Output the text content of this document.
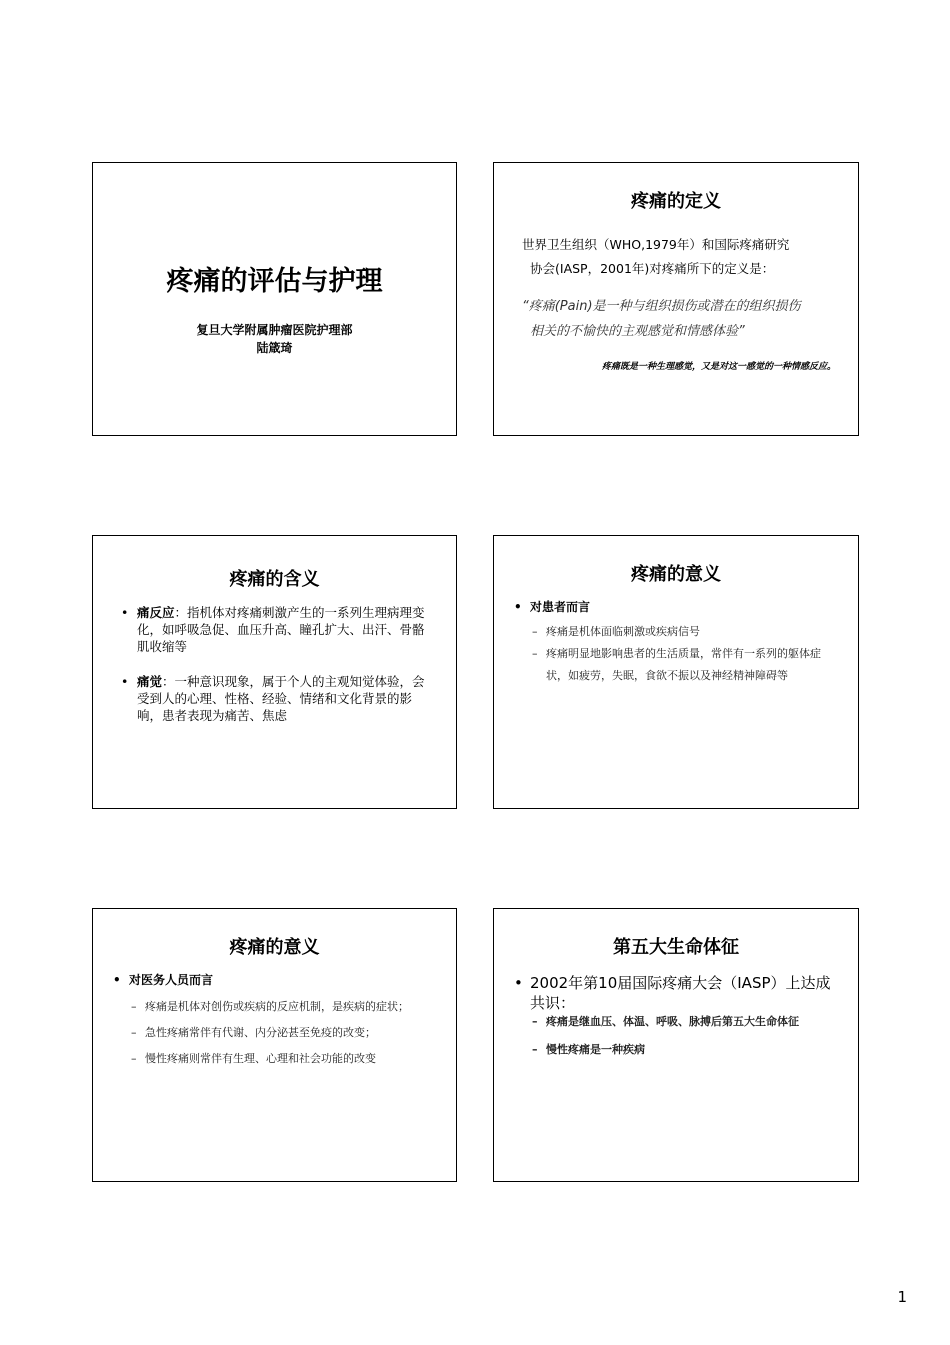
疼痛的评估与护理
复旦大学附属肿瘤医院护理部
陆箴琦
疼痛的定义
世界卫生组织（WHO,1979年）和国际疼痛研究
协会(IASP，2001年)对疼痛所下的定义是：
“疼痛(Pain)是一种与组织损伤或潜在的组织损伤
相关的不愉快的主观感觉和情感体验”
疼痛既是一种生理感觉，又是对这一感觉的一种情感反应。
疼痛的含义
• 痛反应：指机体对疼痛刺激产生的一系列生理病理变化，如呼吸急促、血压升高、瞳孔扩大、出汗、骨骼肌收缩等
• 痛觉：一种意识现象，属于个人的主观知觉体验，会受到人的心理、性格、经验、情绪和文化背景的影响，患者表现为痛苦、焦虑
疼痛的意义
• 对患者而言
– 疼痛是机体面临刺激或疾病信号
– 疼痛明显地影响患者的生活质量，常伴有一系列的躯体症状，如疲劳，失眠，食欲不振以及神经精神障碍等
疼痛的意义
• 对医务人员而言
– 疼痛是机体对创伤或疾病的反应机制，是疾病的症状；
– 急性疼痛常伴有代谢、内分泌甚至免疫的改变；
– 慢性疼痛则常伴有生理、心理和社会功能的改变
第五大生命体征
• 2002年第10届国际疼痛大会（IASP）上达成共识：
– 疼痛是继血压、体温、呼吸、脉搏后第五大生命体征
– 慢性疼痛是一种疾病
1
